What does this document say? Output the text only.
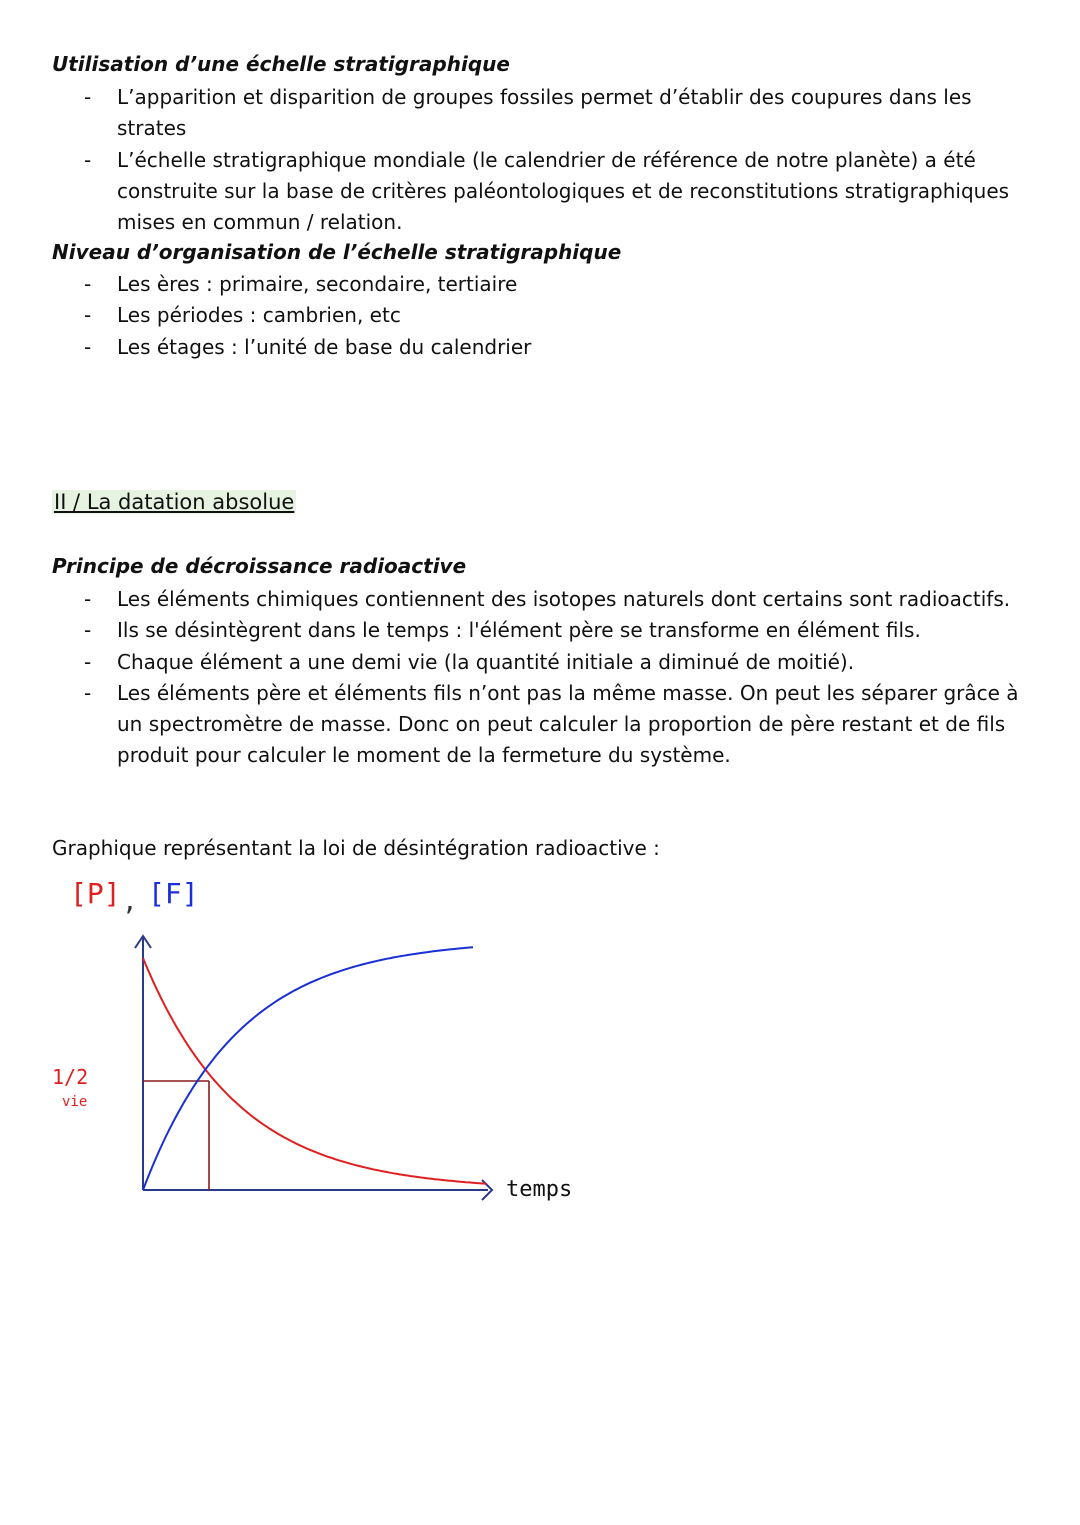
Utilisation d’une échelle stratigraphique
- L’apparition et disparition de groupes fossiles permet d’établir des coupures dans les strates
- L’échelle stratigraphique mondiale (le calendrier de référence de notre planète) a été construite sur la base de critères paléontologiques et de reconstitutions stratigraphiques mises en commun / relation.
Niveau d’organisation de l’échelle stratigraphique
- Les ères : primaire, secondaire, tertiaire
- Les périodes : cambrien, etc
- Les étages : l’unité de base du calendrier
II / La datation absolue
Principe de décroissance radioactive
- Les éléments chimiques contiennent des isotopes naturels dont certains sont radioactifs.
- Ils se désintègrent dans le temps : l'élément père se transforme en élément fils.
- Chaque élément a une demi vie (la quantité initiale a diminué de moitié).
- Les éléments père et éléments fils n’ont pas la même masse. On peut les séparer grâce à un spectromètre de masse. Donc on peut calculer la proportion de père restant et de fils produit pour calculer le moment de la fermeture du système.
Graphique représentant la loi de désintégration radioactive :
[P] , [F]
temps
1/2
vie
